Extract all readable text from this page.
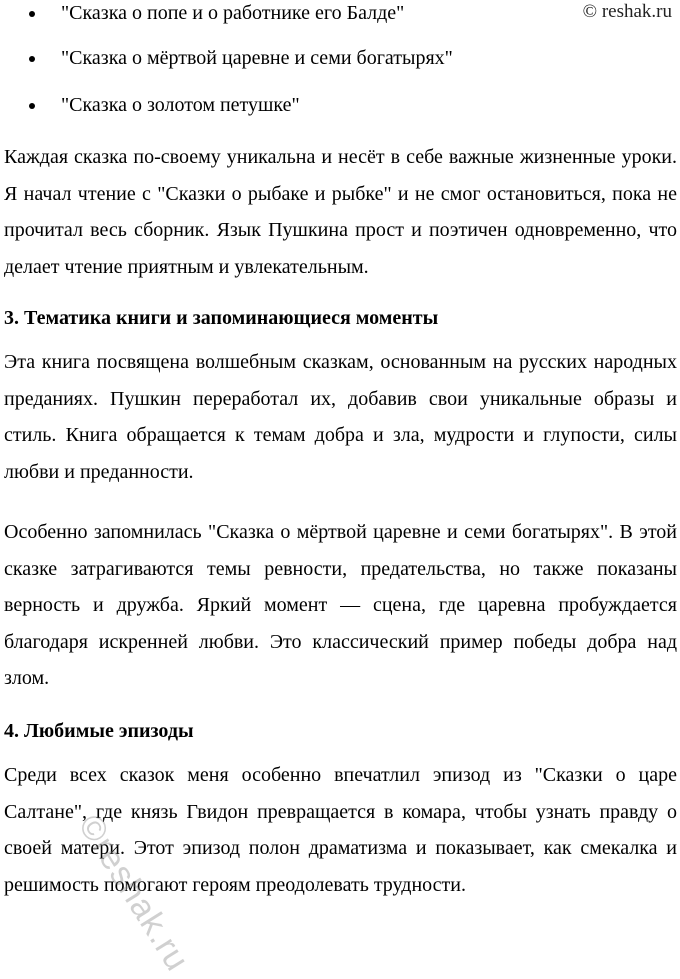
© reshak.ru
"Сказка о попе и о работнике его Балде"
"Сказка о мёртвой царевне и семи богатырях"
"Сказка о золотом петушке"

Каждая сказка по-своему уникальна и несёт в себе важные жизненные уроки. Я начал чтение с "Сказки о рыбаке и рыбке" и не смог остановиться, пока не прочитал весь сборник. Язык Пушкина прост и поэтичен одновременно, что делает чтение приятным и увлекательным.

3. Тематика книги и запоминающиеся моменты

Эта книга посвящена волшебным сказкам, основанным на русских народных преданиях. Пушкин переработал их, добавив свои уникальные образы и стиль. Книга обращается к темам добра и зла, мудрости и глупости, силы любви и преданности.

Особенно запомнилась "Сказка о мёртвой царевне и семи богатырях". В этой сказке затрагиваются темы ревности, предательства, но также показаны верность и дружба. Яркий момент — сцена, где царевна пробуждается благодаря искренней любви. Это классический пример победы добра над злом.

4. Любимые эпизоды

Среди всех сказок меня особенно впечатлил эпизод из "Сказки о царе Салтане", где князь Гвидон превращается в комара, чтобы узнать правду о своей матери. Этот эпизод полон драматизма и показывает, как смекалка и решимость помогают героям преодолевать трудности.

©reshak.ru
